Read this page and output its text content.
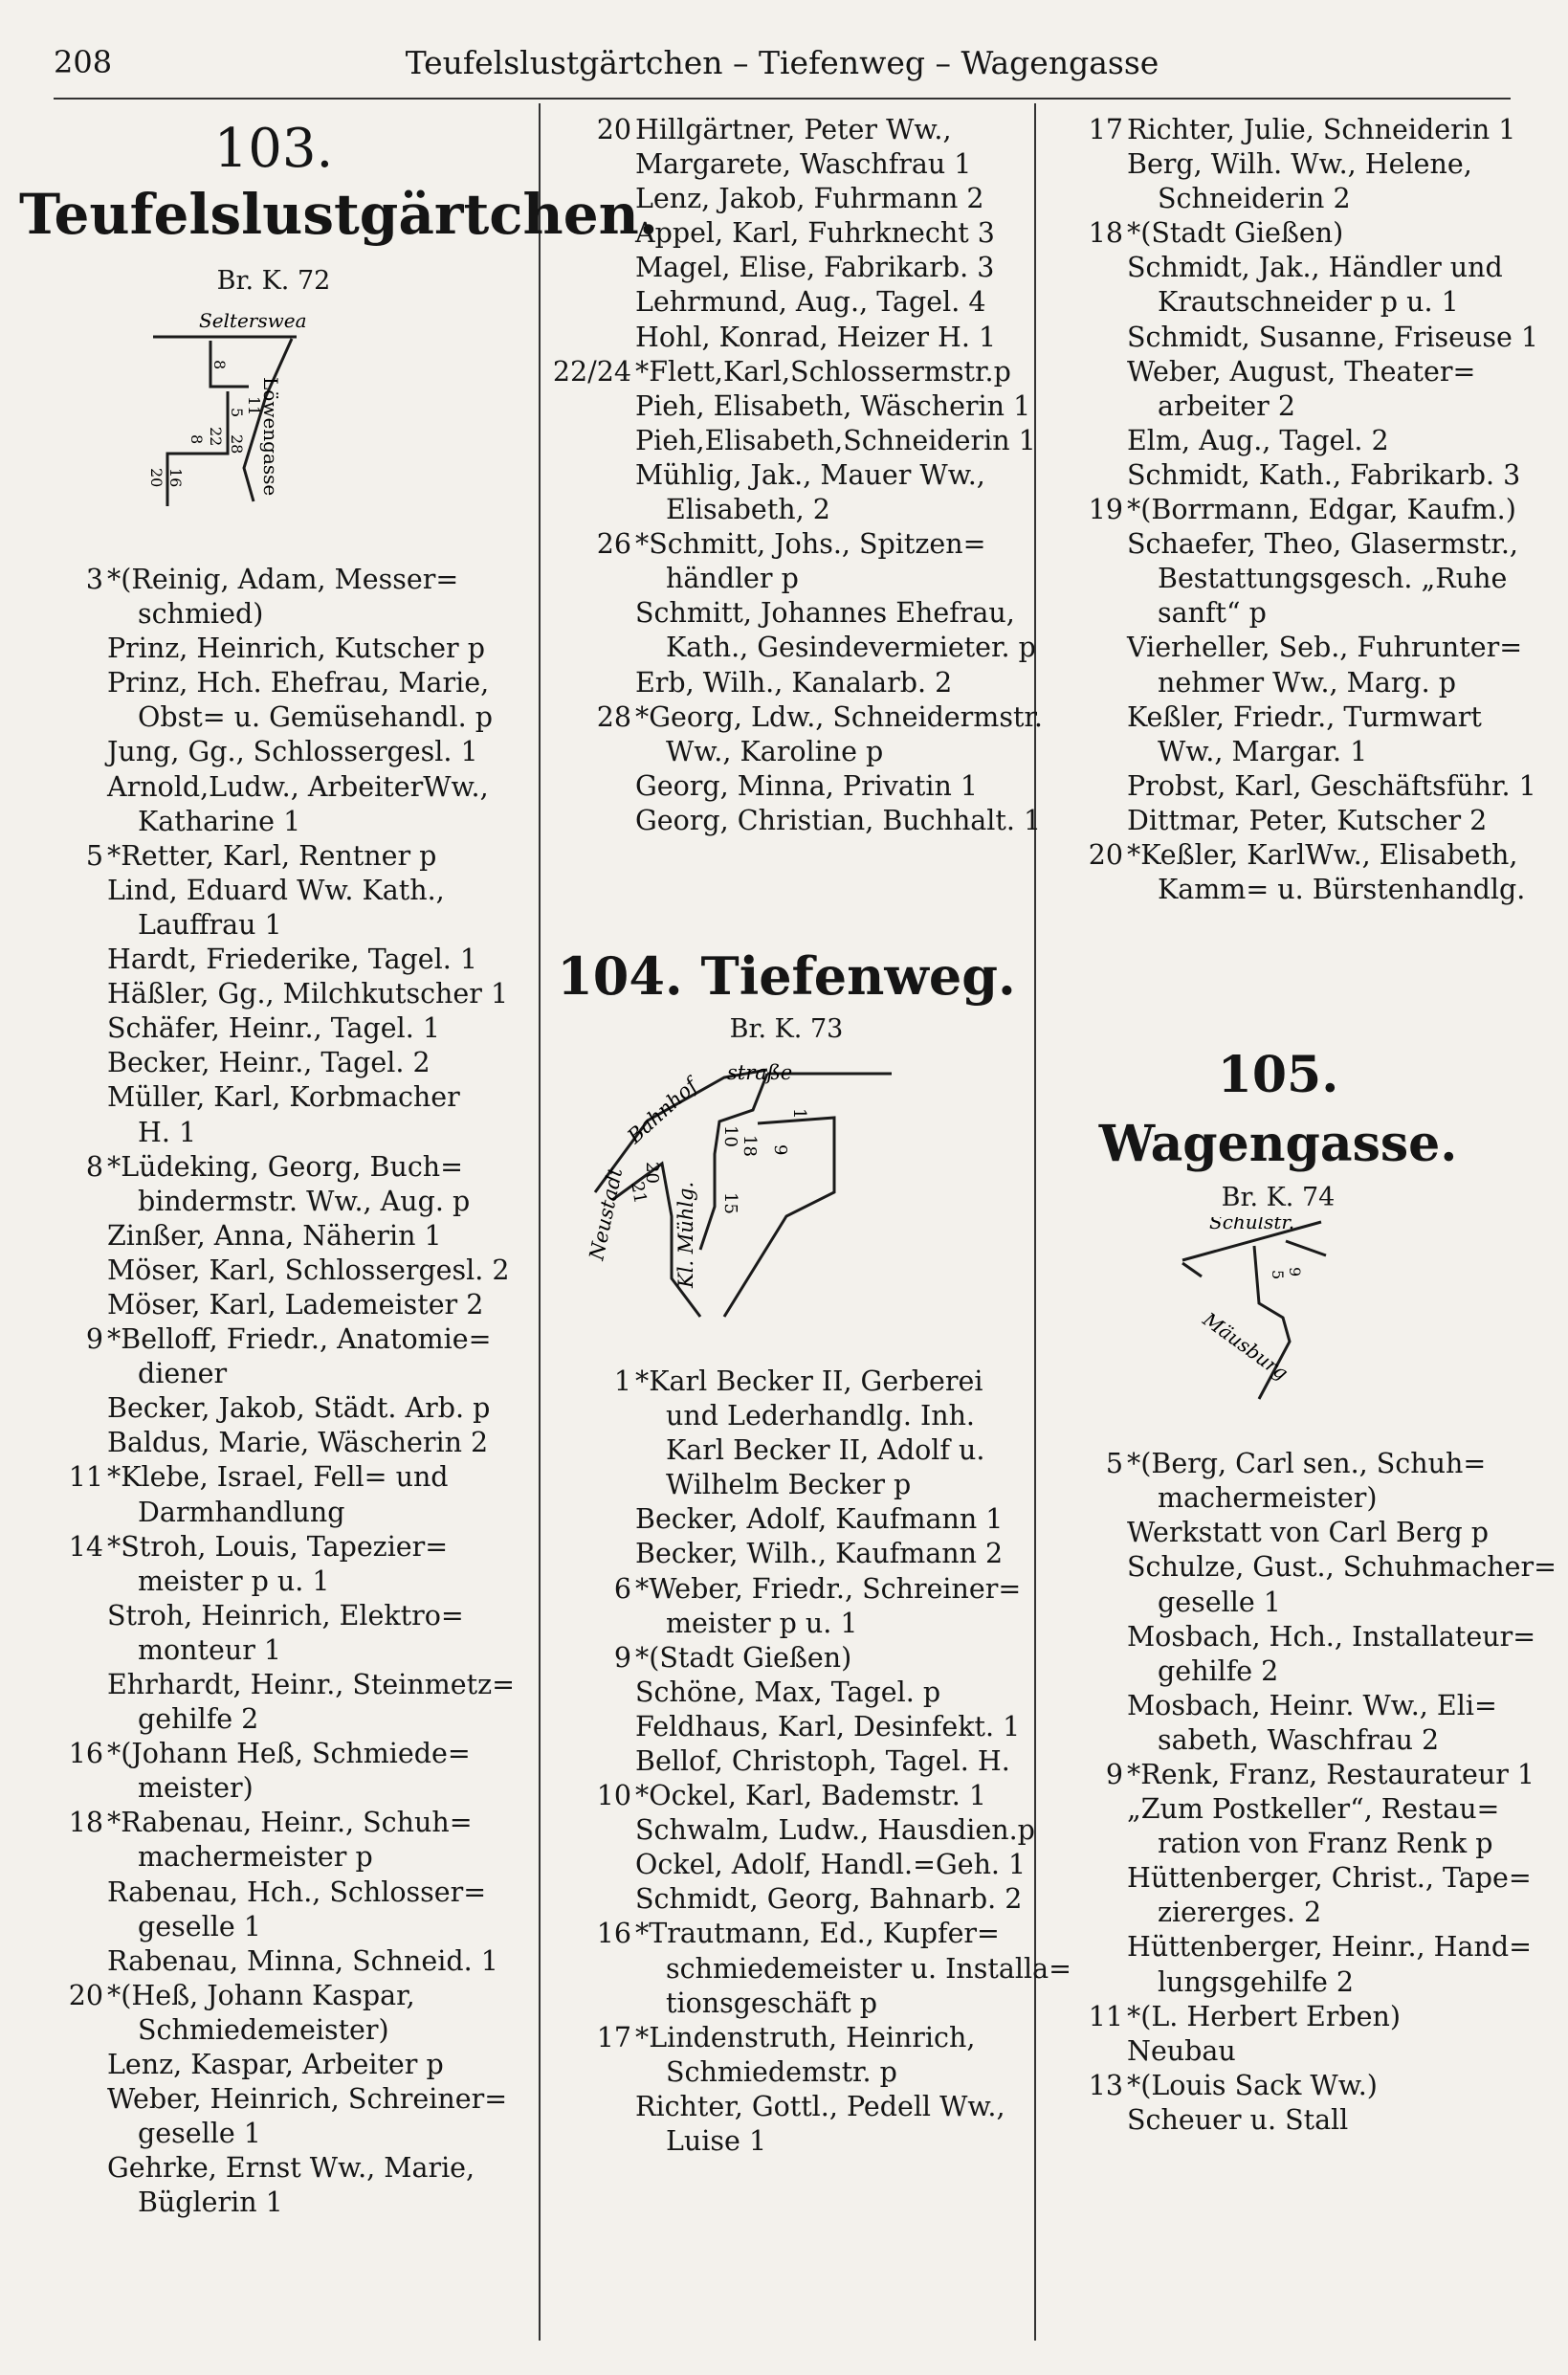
208	Teufelslustgärtchen – Tiefenweg – Wagengasse
103.
Teufelslustgärtchen.
Br. K. 72
Selterswea
Löwengasse
8
5 11
22 28
8
16
20
3 *(Reinig, Adam, Messer=
schmied)
Prinz, Heinrich, Kutscher p
Prinz, Hch. Ehefrau, Marie,
Obst= u. Gemüsehandl. p
Jung, Gg., Schlossergesl. 1
Arnold,Ludw., ArbeiterWw.,
Katharine 1
5 *Retter, Karl, Rentner p
Lind, Eduard Ww. Kath.,
Lauffrau 1
Hardt, Friederike, Tagel. 1
Häßler, Gg., Milchkutscher 1
Schäfer, Heinr., Tagel. 1
Becker, Heinr., Tagel. 2
Müller, Karl, Korbmacher
H. 1
8 *Lüdeking, Georg, Buch=
bindermstr. Ww., Aug. p
Zinßer, Anna, Näherin 1
Möser, Karl, Schlossergesl. 2
Möser, Karl, Lademeister 2
9 *Belloff, Friedr., Anatomie=
diener
Becker, Jakob, Städt. Arb. p
Baldus, Marie, Wäscherin 2
11 *Klebe, Israel, Fell= und
Darmhandlung
14 *Stroh, Louis, Tapezier=
meister p u. 1
Stroh, Heinrich, Elektro=
monteur 1
Ehrhardt, Heinr., Steinmetz=
gehilfe 2
16 *(Johann Heß, Schmiede=
meister)
18 *Rabenau, Heinr., Schuh=
machermeister p
Rabenau, Hch., Schlosser=
geselle 1
Rabenau, Minna, Schneid. 1
20 *(Heß, Johann Kaspar,
Schmiedemeister)
Lenz, Kaspar, Arbeiter p
Weber, Heinrich, Schreiner=
geselle 1
Gehrke, Ernst Ww., Marie,
Büglerin 1
20 Hillgärtner, Peter Ww.,
Margarete, Waschfrau 1
Lenz, Jakob, Fuhrmann 2
Appel, Karl, Fuhrknecht 3
Magel, Elise, Fabrikarb. 3
Lehrmund, Aug., Tagel. 4
Hohl, Konrad, Heizer H. 1
22/24 *Flett,Karl,Schlossermstr.p
Pieh, Elisabeth, Wäscherin 1
Pieh,Elisabeth,Schneiderin 1
Mühlig, Jak., Mauer Ww.,
Elisabeth, 2
26 *Schmitt, Johs., Spitzen=
händler p
Schmitt, Johannes Ehefrau,
Kath., Gesindevermieter. p
Erb, Wilh., Kanalarb. 2
28 *Georg, Ldw., Schneidermstr.
Ww., Karoline p
Georg, Minna, Privatin 1
Georg, Christian, Buchhalt. 1
104. Tiefenweg.
Br. K. 73
Bahnhof
straße
Neustadt Kl. Mühlg.
20
21
10 18
15
9
1
1 *Karl Becker II, Gerberei
und Lederhandlg. Inh.
Karl Becker II, Adolf u.
Wilhelm Becker p
Becker, Adolf, Kaufmann 1
Becker, Wilh., Kaufmann 2
6 *Weber, Friedr., Schreiner=
meister p u. 1
9 *(Stadt Gießen)
Schöne, Max, Tagel. p
Feldhaus, Karl, Desinfekt. 1
Bellof, Christoph, Tagel. H.
10 *Ockel, Karl, Bademstr. 1
Schwalm, Ludw., Hausdien.p
Ockel, Adolf, Handl.=Geh. 1
Schmidt, Georg, Bahnarb. 2
16 *Trautmann, Ed., Kupfer=
schmiedemeister u. Installa=
tionsgeschäft p
17 *Lindenstruth, Heinrich,
Schmiedemstr. p
Richter, Gottl., Pedell Ww.,
Luise 1
17 Richter, Julie, Schneiderin 1
Berg, Wilh. Ww., Helene,
Schneiderin 2
18 *(Stadt Gießen)
Schmidt, Jak., Händler und
Krautschneider p u. 1
Schmidt, Susanne, Friseuse 1
Weber, August, Theater=
arbeiter 2
Elm, Aug., Tagel. 2
Schmidt, Kath., Fabrikarb. 3
19 *(Borrmann, Edgar, Kaufm.)
Schaefer, Theo, Glasermstr.,
Bestattungsgesch. „Ruhe
sanft“ p
Vierheller, Seb., Fuhrunter=
nehmer Ww., Marg. p
Keßler, Friedr., Turmwart
Ww., Margar. 1
Probst, Karl, Geschäftsführ. 1
Dittmar, Peter, Kutscher 2
20 *Keßler, KarlWw., Elisabeth,
Kamm= u. Bürstenhandlg.
105. Wagengasse.
Br. K. 74
Schulstr.
Mäusburg
5 9
5 *(Berg, Carl sen., Schuh=
machermeister)
Werkstatt von Carl Berg p
Schulze, Gust., Schuhmacher=
geselle 1
Mosbach, Hch., Installateur=
gehilfe 2
Mosbach, Heinr. Ww., Eli=
sabeth, Waschfrau 2
9 *Renk, Franz, Restaurateur 1
„Zum Postkeller“, Restau=
ration von Franz Renk p
Hüttenberger, Christ., Tape=
ziererges. 2
Hüttenberger, Heinr., Hand=
lungsgehilfe 2
11 *(L. Herbert Erben)
Neubau
13 *(Louis Sack Ww.)
Scheuer u. Stall
